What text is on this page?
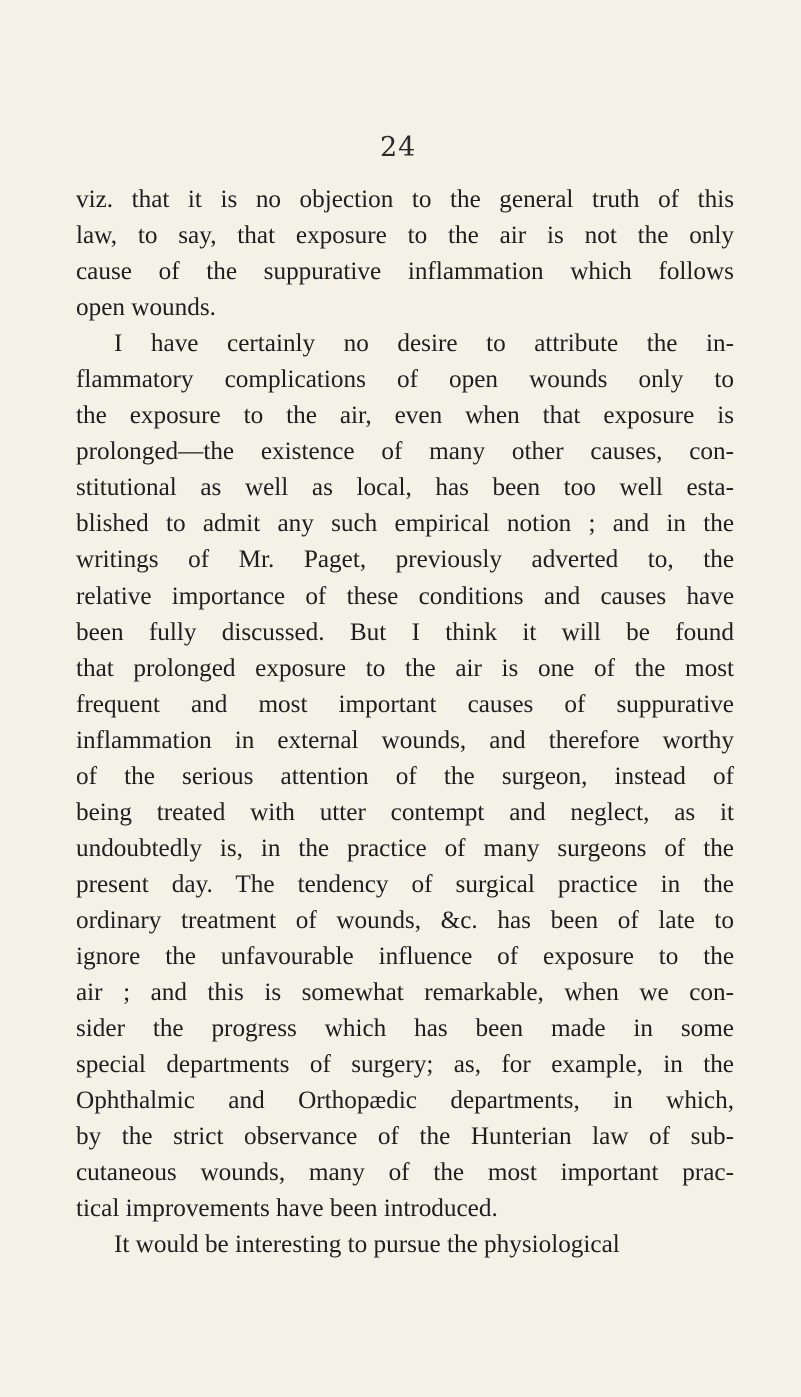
24
viz. that it is no objection to the general truth of this
law, to say, that exposure to the air is not the only
cause of the suppurative inflammation which follows
open wounds.
I have certainly no desire to attribute the in-
flammatory complications of open wounds only to
the exposure to the air, even when that exposure is
prolonged—the existence of many other causes, con-
stitutional as well as local, has been too well esta-
blished to admit any such empirical notion ; and in the
writings of Mr. Paget, previously adverted to, the
relative importance of these conditions and causes have
been fully discussed. But I think it will be found
that prolonged exposure to the air is one of the most
frequent and most important causes of suppurative
inflammation in external wounds, and therefore worthy
of the serious attention of the surgeon, instead of
being treated with utter contempt and neglect, as it
undoubtedly is, in the practice of many surgeons of the
present day. The tendency of surgical practice in the
ordinary treatment of wounds, &c. has been of late to
ignore the unfavourable influence of exposure to the
air ; and this is somewhat remarkable, when we con-
sider the progress which has been made in some
special departments of surgery; as, for example, in the
Ophthalmic and Orthopædic departments, in which,
by the strict observance of the Hunterian law of sub-
cutaneous wounds, many of the most important prac-
tical improvements have been introduced.
It would be interesting to pursue the physiological
